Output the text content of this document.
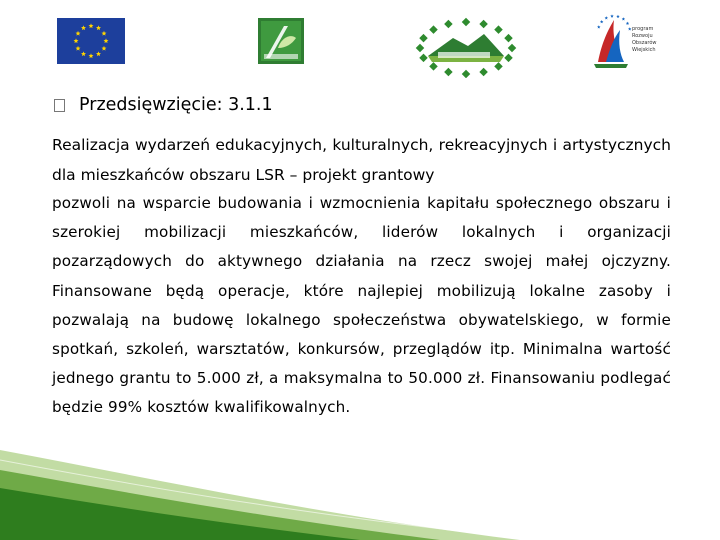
program
Rozwoju
Obszarów
Wiejskich
Przedsięwzięcie: 3.1.1
Realizacja wydarzeń edukacyjnych, kulturalnych, rekreacyjnych i artystycznych dla mieszkańców obszaru LSR – projekt grantowy
pozwoli na wsparcie budowania i wzmocnienia kapitału społecznego obszaru i szerokiej mobilizacji mieszkańców, liderów lokalnych i organizacji pozarządowych do aktywnego działania na rzecz swojej małej ojczyzny. Finansowane będą operacje, które najlepiej mobilizują lokalne zasoby i pozwalają na budowę lokalnego społeczeństwa obywatelskiego, w formie spotkań, szkoleń, warsztatów, konkursów, przeglądów itp. Minimalna wartość jednego grantu to 5.000 zł, a maksymalna to 50.000 zł. Finansowaniu podlegać będzie 99% kosztów kwalifikowalnych.
